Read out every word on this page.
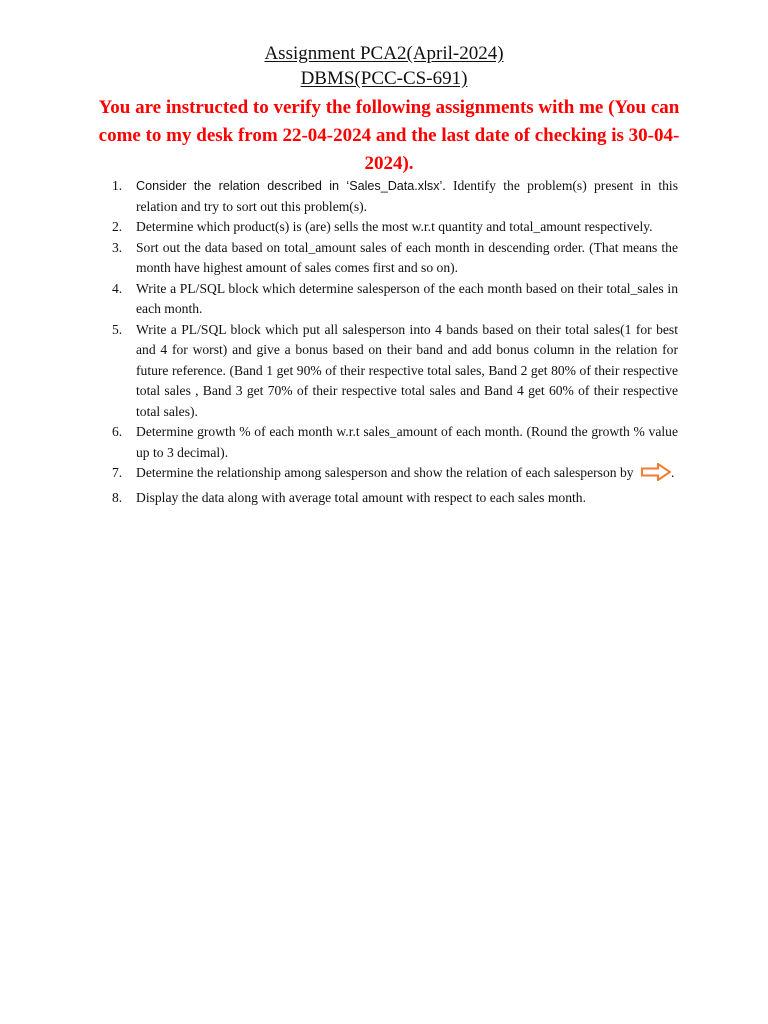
Assignment PCA2(April-2024)
DBMS(PCC-CS-691)
You are instructed to verify the following assignments with me (You can come to my desk from 22-04-2024 and the last date of checking is 30-04-2024).
1. Consider the relation described in ‘Sales_Data.xlsx’. Identify the problem(s) present in this relation and try to sort out this problem(s).
2. Determine which product(s) is (are) sells the most w.r.t quantity and total_amount respectively.
3. Sort out the data based on total_amount sales of each month in descending order. (That means the month have highest amount of sales comes first and so on).
4. Write a PL/SQL block which determine salesperson of the each month based on their total_sales in each month.
5. Write a PL/SQL block which put all salesperson into 4 bands based on their total sales(1 for best and 4 for worst) and give a bonus based on their band and add bonus column in the relation for future reference. (Band 1 get 90% of their respective total sales, Band 2 get 80% of their respective total sales , Band 3 get 70% of their respective total sales and Band 4 get 60% of their respective total sales).
6. Determine growth % of each month w.r.t sales_amount of each month. (Round the growth % value up to 3 decimal).
7. Determine the relationship among salesperson and show the relation of each salesperson by	.
8. Display the data along with average total amount with respect to each sales month.
